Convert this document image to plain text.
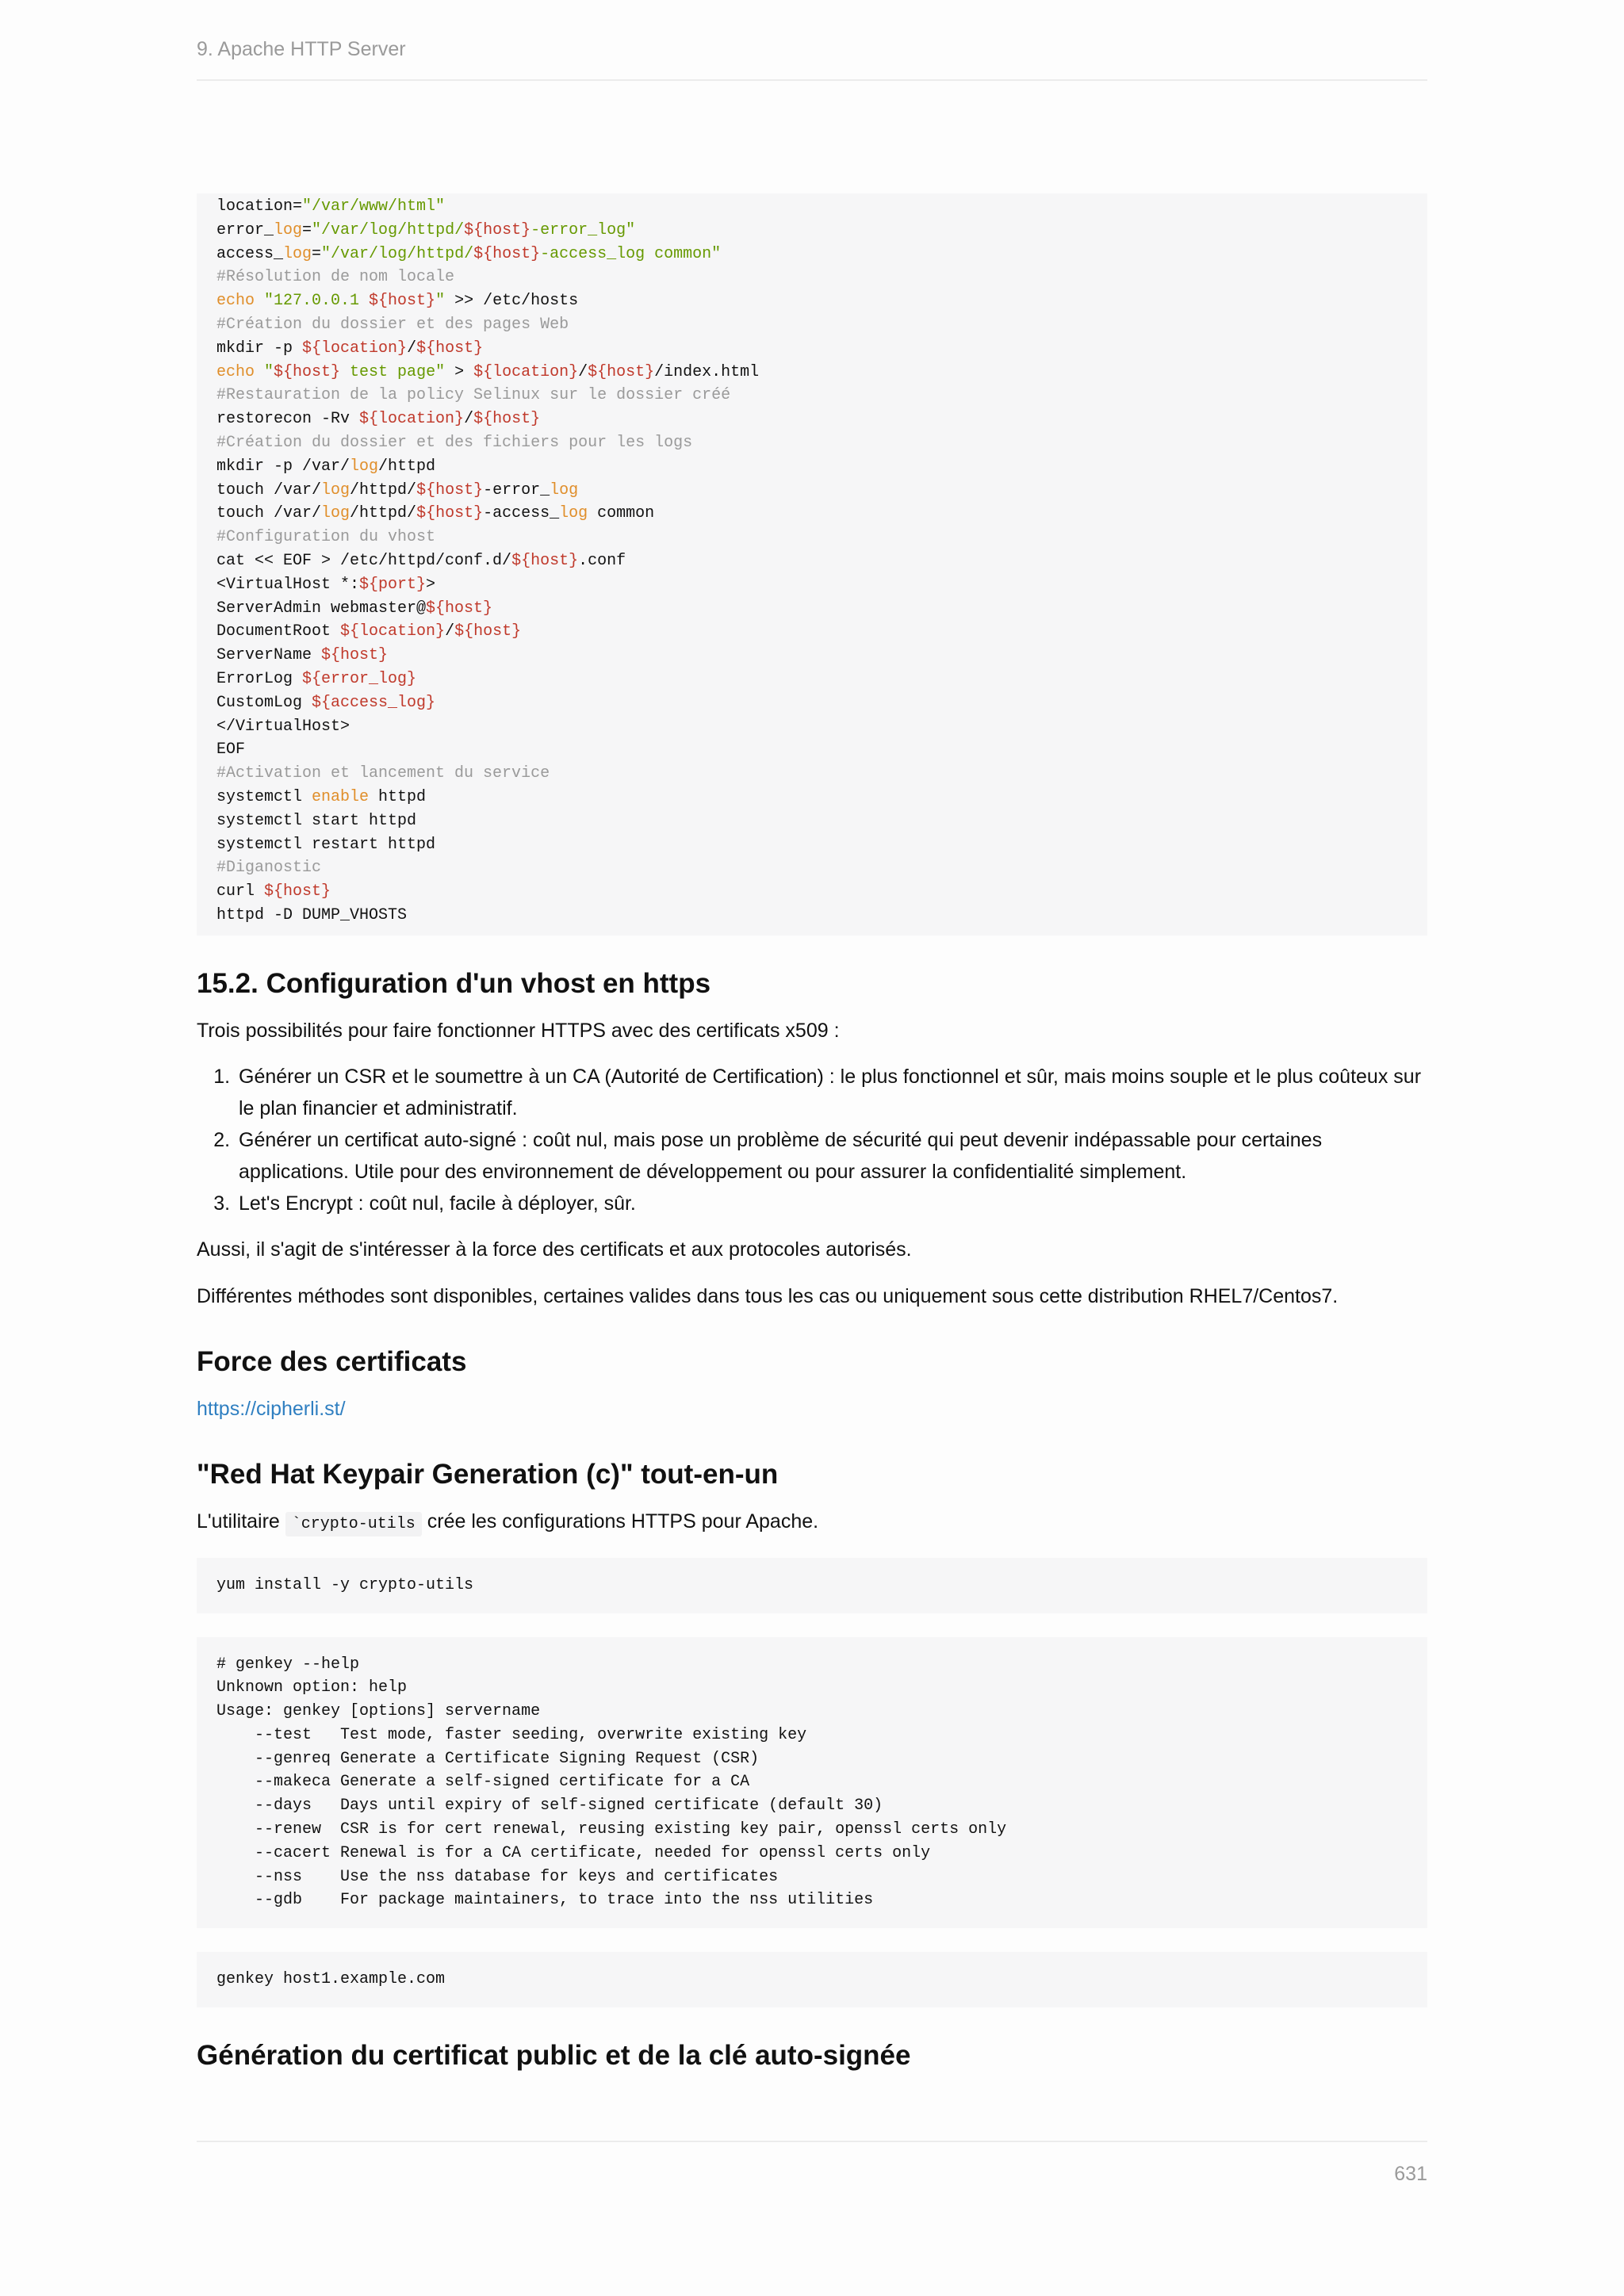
9. Apache HTTP Server
location="/var/www/html"
error_log="/var/log/httpd/${host}-error_log"
access_log="/var/log/httpd/${host}-access_log common"
#Résolution de nom locale
echo "127.0.0.1 ${host}" >> /etc/hosts
#Création du dossier et des pages Web
mkdir -p ${location}/${host}
echo "${host} test page" > ${location}/${host}/index.html
#Restauration de la policy Selinux sur le dossier créé
restorecon -Rv ${location}/${host}
#Création du dossier et des fichiers pour les logs
mkdir -p /var/log/httpd
touch /var/log/httpd/${host}-error_log
touch /var/log/httpd/${host}-access_log common
#Configuration du vhost
cat << EOF > /etc/httpd/conf.d/${host}.conf
<VirtualHost *:${port}>
ServerAdmin webmaster@${host}
DocumentRoot ${location}/${host}
ServerName ${host}
ErrorLog ${error_log}
CustomLog ${access_log}
</VirtualHost>
EOF
#Activation et lancement du service
systemctl enable httpd
systemctl start httpd
systemctl restart httpd
#Diganostic
curl ${host}
httpd -D DUMP_VHOSTS
15.2. Configuration d'un vhost en https

Trois possibilités pour faire fonctionner HTTPS avec des certificats x509 :

1. Générer un CSR et le soumettre à un CA (Autorité de Certification) : le plus fonctionnel et sûr, mais moins souple et le plus coûteux sur le plan financier et administratif.
2. Générer un certificat auto-signé : coût nul, mais pose un problème de sécurité qui peut devenir indépassable pour certaines applications. Utile pour des environnement de développement ou pour assurer la confidentialité simplement.
3. Let's Encrypt : coût nul, facile à déployer, sûr.

Aussi, il s'agit de s'intéresser à la force des certificats et aux protocoles autorisés.

Différentes méthodes sont disponibles, certaines valides dans tous les cas ou uniquement sous cette distribution RHEL7/Centos7.

Force des certificats

https://cipherli.st/

"Red Hat Keypair Generation (c)" tout-en-un

L'utilitaire `crypto-utils crée les configurations HTTPS pour Apache.

yum install -y crypto-utils
# genkey --help
Unknown option: help
Usage: genkey [options] servername
--test   Test mode, faster seeding, overwrite existing key
--genreq Generate a Certificate Signing Request (CSR)
--makeca Generate a self-signed certificate for a CA
--days   Days until expiry of self-signed certificate (default 30)
--renew  CSR is for cert renewal, reusing existing key pair, openssl certs only
--cacert Renewal is for a CA certificate, needed for openssl certs only
--nss    Use the nss database for keys and certificates
--gdb    For package maintainers, to trace into the nss utilities
genkey host1.example.com
Génération du certificat public et de la clé auto-signée
631
